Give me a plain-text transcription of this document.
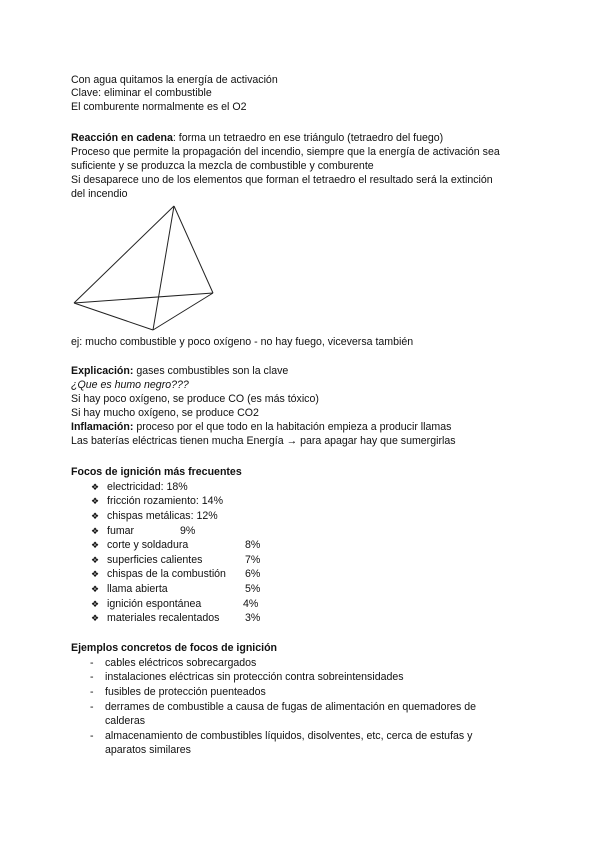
Con agua quitamos la energía de activación
Clave: eliminar el combustible
El comburente normalmente es el O2
Reacción en cadena: forma un tetraedro en ese triángulo (tetraedro del fuego)
Proceso que permite la propagación del incendio, siempre que la energía de activación sea
suficiente y se produzca la mezcla de combustible y comburente
Si desaparece uno de los elementos que forman el tetraedro el resultado será la extinción
del incendio
ej: mucho combustible y poco oxígeno - no hay fuego, viceversa también
Explicación: gases combustibles son la clave
¿Que es humo negro???
Si hay poco oxígeno, se produce CO (es más tóxico)
Si hay mucho oxígeno, se produce CO2
Inflamación: proceso por el que todo en la habitación empieza a producir llamas
Las baterías eléctricas tienen mucha Energía → para apagar hay que sumergirlas
Focos de ignición más frecuentes
❖ electricidad: 18%
❖ fricción rozamiento: 14%
❖ chispas metálicas: 12%
❖ fumar	9%
❖ corte y soldadura	8%
❖ superficies calientes	7%
❖ chispas de la combustión 6%
❖ llama abierta	5%
❖ ignición espontánea	4%
❖ materiales recalentados 3%
Ejemplos concretos de focos de ignición
- cables eléctricos sobrecargados
- instalaciones eléctricas sin protección contra sobreintensidades
- fusibles de protección puenteados
- derrames de combustible a causa de fugas de alimentación en quemadores de
calderas
- almacenamiento de combustibles líquidos, disolventes, etc, cerca de estufas y
aparatos similares
